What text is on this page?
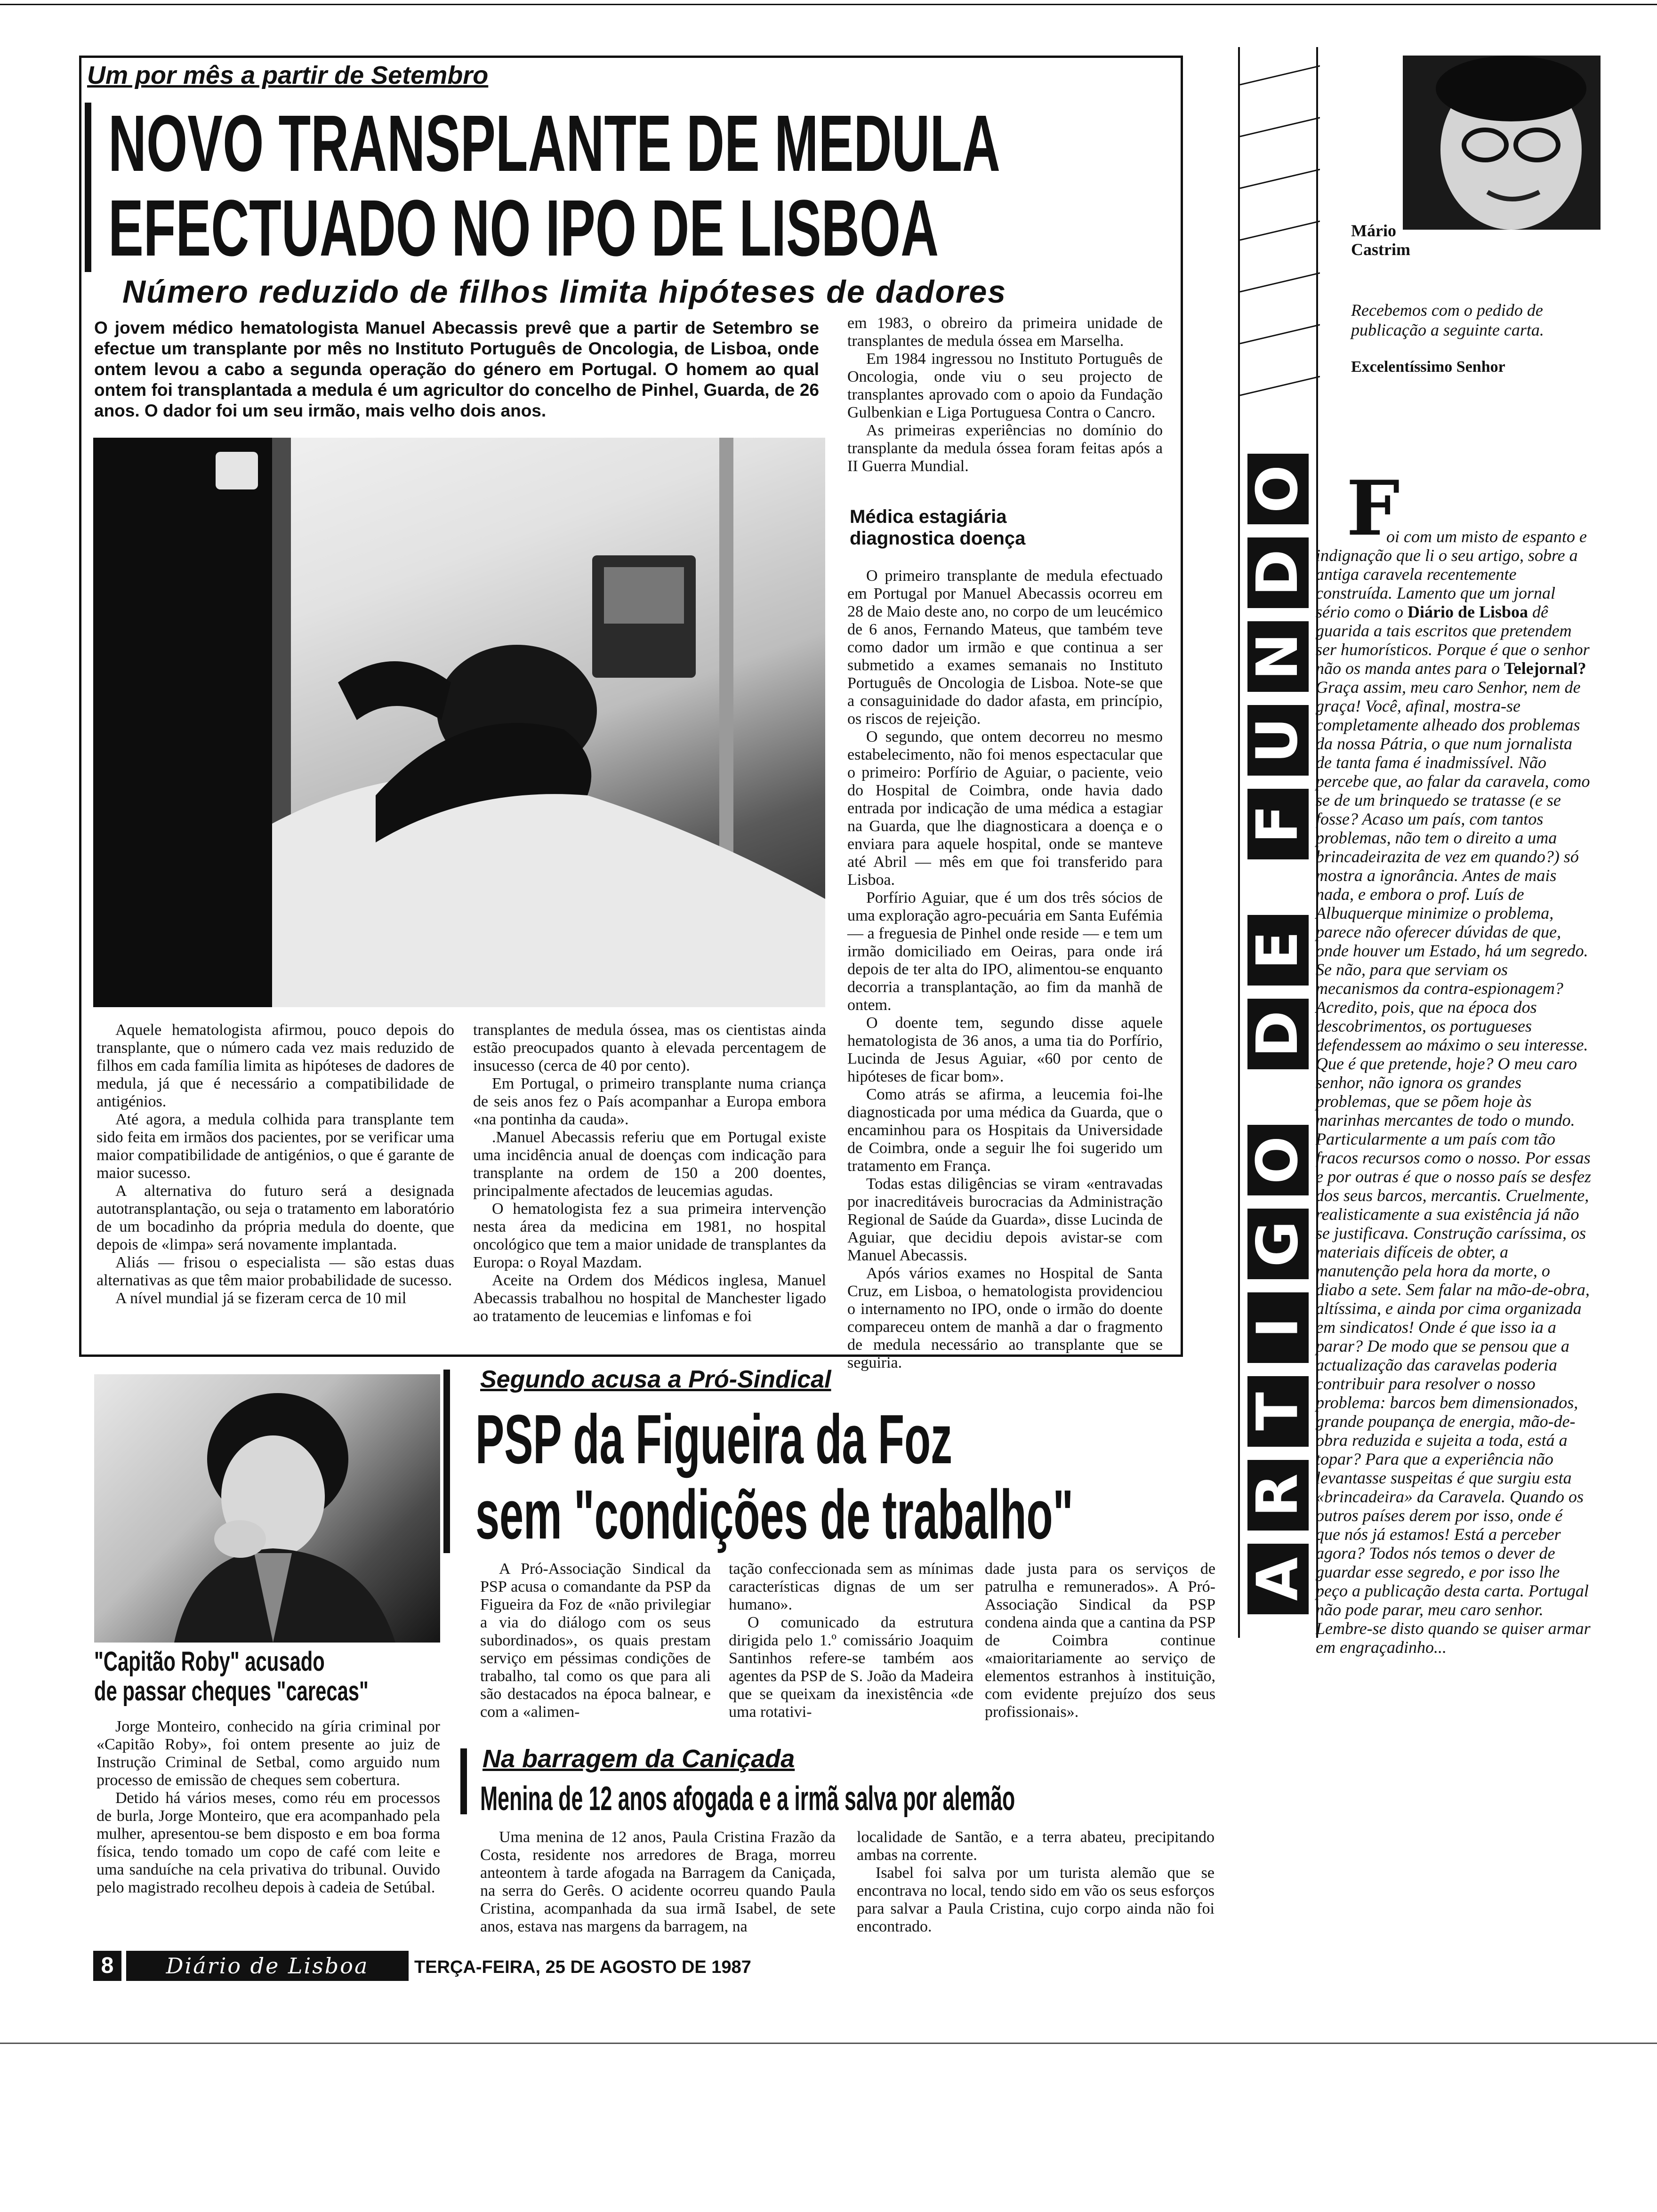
Um por mês a partir de Setembro
NOVO TRANSPLANTE DE MEDULA
EFECTUADO NO IPO DE LISBOA
Número reduzido de filhos limita hipóteses de dadores
O jovem médico hematologista Manuel Abecassis prevê que a partir de Setembro se efectue um transplante por mês no Instituto Português de Oncologia, de Lisboa, onde ontem levou a cabo a segunda operação do género em Portugal. O homem ao qual ontem foi transplantada a medula é um agricultor do concelho de Pinhel, Guarda, de 26 anos. O dador foi um seu irmão, mais velho dois anos.

em 1983, o obreiro da primeira unidade de transplantes de medula óssea em Marselha.

Em 1984 ingressou no Instituto Português de Oncologia, onde viu o seu projecto de transplantes aprovado com o apoio da Fundação Gulbenkian e Liga Portuguesa Contra o Cancro.

As primeiras experiências no domínio do transplante da medula óssea foram feitas após a II Guerra Mundial.

Médica estagiária diagnostica doença

O primeiro transplante de medula efectuado em Portugal por Manuel Abecassis ocorreu em 28 de Maio deste ano, no corpo de um leucémico de 6 anos, Fernando Mateus, que também teve como dador um irmão e que continua a ser submetido a exames semanais no Instituto Português de Oncologia de Lisboa. Note-se que a consaguinidade do dador afasta, em princípio, os riscos de rejeição.

O segundo, que ontem decorreu no mesmo estabelecimento, não foi menos espectacular que o primeiro: Porfírio de Aguiar, o paciente, veio do Hospital de Coimbra, onde havia dado entrada por indicação de uma médica a estagiar na Guarda, que lhe diagnosticara a doença e o enviara para aquele hospital, onde se manteve até Abril — mês em que foi transferido para Lisboa.

Porfírio Aguiar, que é um dos três sócios de uma exploração agro-pecuária em Santa Eufémia — a freguesia de Pinhel onde reside — e tem um irmão domiciliado em Oeiras, para onde irá depois de ter alta do IPO, alimentou-se enquanto decorria a transplantação, ao fim da manhã de ontem.

O doente tem, segundo disse aquele hematologista de 36 anos, a uma tia do Porfírio, Lucinda de Jesus Aguiar, «60 por cento de hipóteses de ficar bom».

Como atrás se afirma, a leucemia foi-lhe diagnosticada por uma médica da Guarda, que o encaminhou para os Hospitais da Universidade de Coimbra, onde a seguir lhe foi sugerido um tratamento em França.

Todas estas diligências se viram «entravadas por inacreditáveis burocracias da Administração Regional de Saúde da Guarda», disse Lucinda de Aguiar, que decidiu depois avistar-se com Manuel Abecassis.

Após vários exames no Hospital de Santa Cruz, em Lisboa, o hematologista providenciou o internamento no IPO, onde o irmão do doente compareceu ontem de manhã a dar o fragmento de medula necessário ao transplante que se seguiria.

Aquele hematologista afirmou, pouco depois do transplante, que o número cada vez mais reduzido de filhos em cada família limita as hipóteses de dadores de medula, já que é necessário a compatibilidade de antigénios.

Até agora, a medula colhida para transplante tem sido feita em irmãos dos pacientes, por se verificar uma maior compatibilidade de antigénios, o que é garante de maior sucesso.

A alternativa do futuro será a designada autotransplantação, ou seja o tratamento em laboratório de um bocadinho da própria medula do doente, que depois de «limpa» será novamente implantada.

Aliás — frisou o especialista — são estas duas alternativas as que têm maior probabilidade de sucesso.

A nível mundial já se fizeram cerca de 10 mil

transplantes de medula óssea, mas os cientistas ainda estão preocupados quanto à elevada percentagem de insucesso (cerca de 40 por cento).

Em Portugal, o primeiro transplante numa criança de seis anos fez o País acompanhar a Europa embora «na pontinha da cauda».

.Manuel Abecassis referiu que em Portugal existe uma incidência anual de doenças com indicação para transplante na ordem de 150 a 200 doentes, principalmente afectados de leucemias agudas.

O hematologista fez a sua primeira intervenção nesta área da medicina em 1981, no hospital oncológico que tem a maior unidade de transplantes da Europa: o Royal Mazdam.

Aceite na Ordem dos Médicos inglesa, Manuel Abecassis trabalhou no hospital de Manchester ligado ao tratamento de leucemias e linfomas e foi

"Capitão Roby" acusado
de passar cheques "carecas"

Jorge Monteiro, conhecido na gíria criminal por «Capitão Roby», foi ontem presente ao juiz de Instrução Criminal de Setbal, como arguido num processo de emissão de cheques sem cobertura.

Detido há vários meses, como réu em processos de burla, Jorge Monteiro, que era acompanhado pela mulher, apresentou-se bem disposto e em boa forma física, tendo tomado um copo de café com leite e uma sanduíche na cela privativa do tribunal. Ouvido pelo magistrado recolheu depois à cadeia de Setúbal.

Segundo acusa a Pró-Sindical
PSP da Figueira da Foz
sem "condições de trabalho"

A Pró-Associação Sindical da PSP acusa o comandante da PSP da Figueira da Foz de «não privilegiar a via do diálogo com os seus subordinados», os quais prestam serviço em péssimas condições de trabalho, tal como os que para ali são destacados na época balnear, e com a «alimen-

tação confeccionada sem as mínimas características dignas de um ser humano».

O comunicado da estrutura dirigida pelo 1.º comissário Joaquim Santinhos refere-se também aos agentes da PSP de S. João da Madeira que se queixam da inexistência «de uma rotativi-

dade justa para os serviços de patrulha e remunerados». A Pró-Associação Sindical da PSP condena ainda que a cantina da PSP de Coimbra continue «maioritariamente ao serviço de elementos estranhos à instituição, com evidente prejuízo dos seus profissionais».

Na barragem da Caniçada
Menina de 12 anos afogada e a irmã salva por alemão

Uma menina de 12 anos, Paula Cristina Frazão da Costa, residente nos arredores de Braga, morreu anteontem à tarde afogada na Barragem da Caniçada, na serra do Gerês. O acidente ocorreu quando Paula Cristina, acompanhada da sua irmã Isabel, de sete anos, estava nas margens da barragem, na

localidade de Santão, e a terra abateu, precipitando ambas na corrente.

Isabel foi salva por um turista alemão que se encontrava no local, tendo sido em vão os seus esforços para salvar a Paula Cristina, cujo corpo ainda não foi encontrado.

8	Diário de Lisboa	TERÇA-FEIRA, 25 DE AGOSTO DE 1987
A
R
T
I
G
O
D
E
F
U
N
D
O
Mário
Castrim
Recebemos com o pedido de publicação a seguinte carta.
Excelentíssimo Senhor
F
oi com um misto de espanto e indignação que li o seu artigo, sobre a antiga caravela recentemente construída. Lamento que um jornal sério como o Diário de Lisboa dê guarida a tais escritos que pretendem ser humorísticos. Porque é que o senhor não os manda antes para o Telejornal? Graça assim, meu caro Senhor, nem de graça! Você, afinal, mostra-se completamente alheado dos problemas da nossa Pátria, o que num jornalista de tanta fama é inadmissível. Não percebe que, ao falar da caravela, como se de um brinquedo se tratasse (e se fosse? Acaso um país, com tantos problemas, não tem o direito a uma brincadeirazita de vez em quando?) só mostra a ignorância. Antes de mais nada, e embora o prof. Luís de Albuquerque minimize o problema, parece não oferecer dúvidas de que, onde houver um Estado, há um segredo. Se não, para que serviam os mecanismos da contra-espionagem? Acredito, pois, que na época dos descobrimentos, os portugueses defendessem ao máximo o seu interesse. Que é que pretende, hoje? O meu caro senhor, não ignora os grandes problemas, que se põem hoje às marinhas mercantes de todo o mundo. Particularmente a um país com tão fracos recursos como o nosso. Por essas e por outras é que o nosso país se desfez dos seus barcos, mercantis. Cruelmente, realisticamente a sua existência já não se justificava. Construção caríssima, os materiais difíceis de obter, a manutenção pela hora da morte, o diabo a sete. Sem falar na mão-de-obra, altíssima, e ainda por cima organizada em sindicatos! Onde é que isso ia a parar? De modo que se pensou que a actualização das caravelas poderia contribuir para resolver o nosso problema: barcos bem dimensionados, grande poupança de energia, mão-de-obra reduzida e sujeita a toda, está a topar? Para que a experiência não levantasse suspeitas é que surgiu esta «brincadeira» da Caravela. Quando os outros países derem por isso, onde é que nós já estamos! Está a perceber agora? Todos nós temos o dever de guardar esse segredo, e por isso lhe peço a publicação desta carta. Portugal não pode parar, meu caro senhor. Lembre-se disto quando se quiser armar em engraçadinho...
